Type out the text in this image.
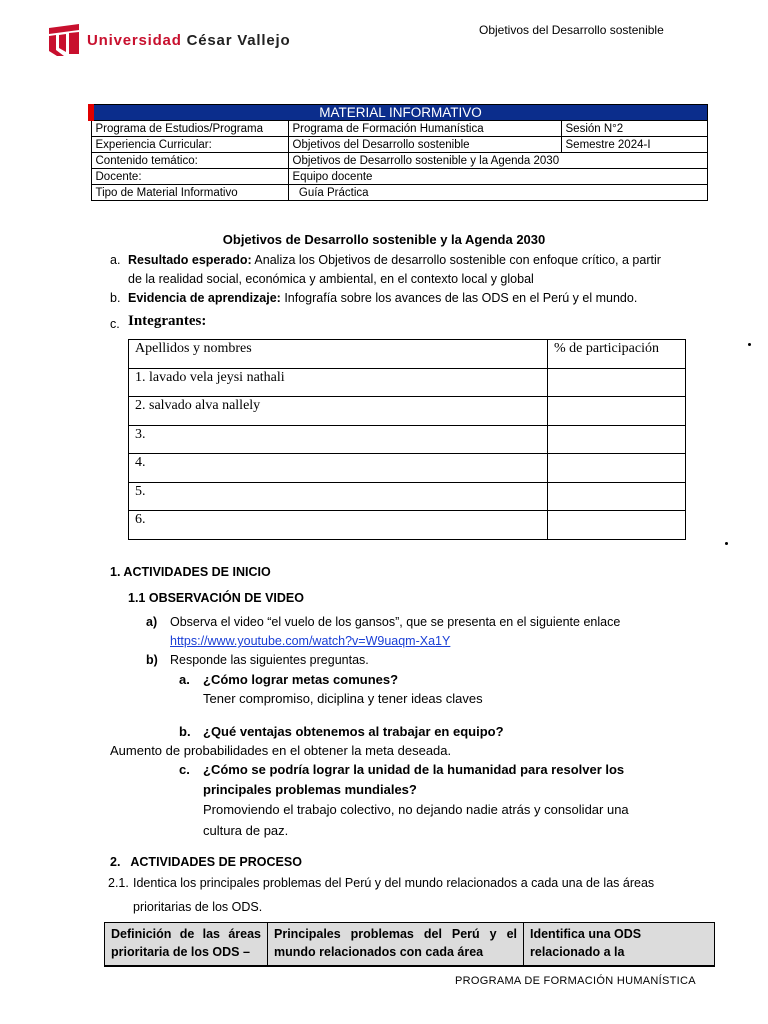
Universidad César Vallejo
Objetivos del Desarrollo sostenible
MATERIAL INFORMATIVO		
Programa de Estudios/Programa	Programa de Formación Humanística	Sesión N°2
Experiencia Curricular:	Objetivos del Desarrollo sostenible	Semestre 2024-I
Contenido temático:	Objetivos de Desarrollo sostenible y la Agenda 2030	
Docente:	Equipo docente	
Tipo de Material Informativo	Guía Práctica	
Objetivos de Desarrollo sostenible y la Agenda 2030
a. Resultado esperado: Analiza los Objetivos de desarrollo sostenible con enfoque crítico, a partir
de la realidad social, económica y ambiental, en el contexto local y global
b. Evidencia de aprendizaje: Infografía sobre los avances de las ODS en el Perú y el mundo.
c. Integrantes:
Apellidos y nombres	% de participación
1. lavado vela jeysi nathali	
2. salvado alva nallely	
3.	
4.	
5.	
6.	
1. ACTIVIDADES DE INICIO
1.1 OBSERVACIÓN DE VIDEO
a) Observa el video “el vuelo de los gansos”, que se presenta en el siguiente enlace
https://www.youtube.com/watch?v=W9uaqm-Xa1Y
b) Responde las siguientes preguntas.
a. ¿Cómo lograr metas comunes?
Tener compromiso, diciplina y tener ideas claves
b. ¿Qué ventajas obtenemos al trabajar en equipo?
Aumento de probabilidades en el obtener la meta deseada.
c. ¿Cómo se podría lograr la unidad de la humanidad para resolver los
principales problemas mundiales?
Promoviendo el trabajo colectivo, no dejando nadie atrás y consolidar una
cultura de paz.
2.   ACTIVIDADES DE PROCESO
2.1. Identica los principales problemas del Perú y del mundo relacionados a cada una de las áreas
prioritarias de los ODS.
Definición de las áreas prioritaria de los ODS –	Principales problemas del Perú y el mundo relacionados con cada área	Identifica una ODS relacionado a la
PROGRAMA DE FORMACIÓN HUMANÍSTICA
